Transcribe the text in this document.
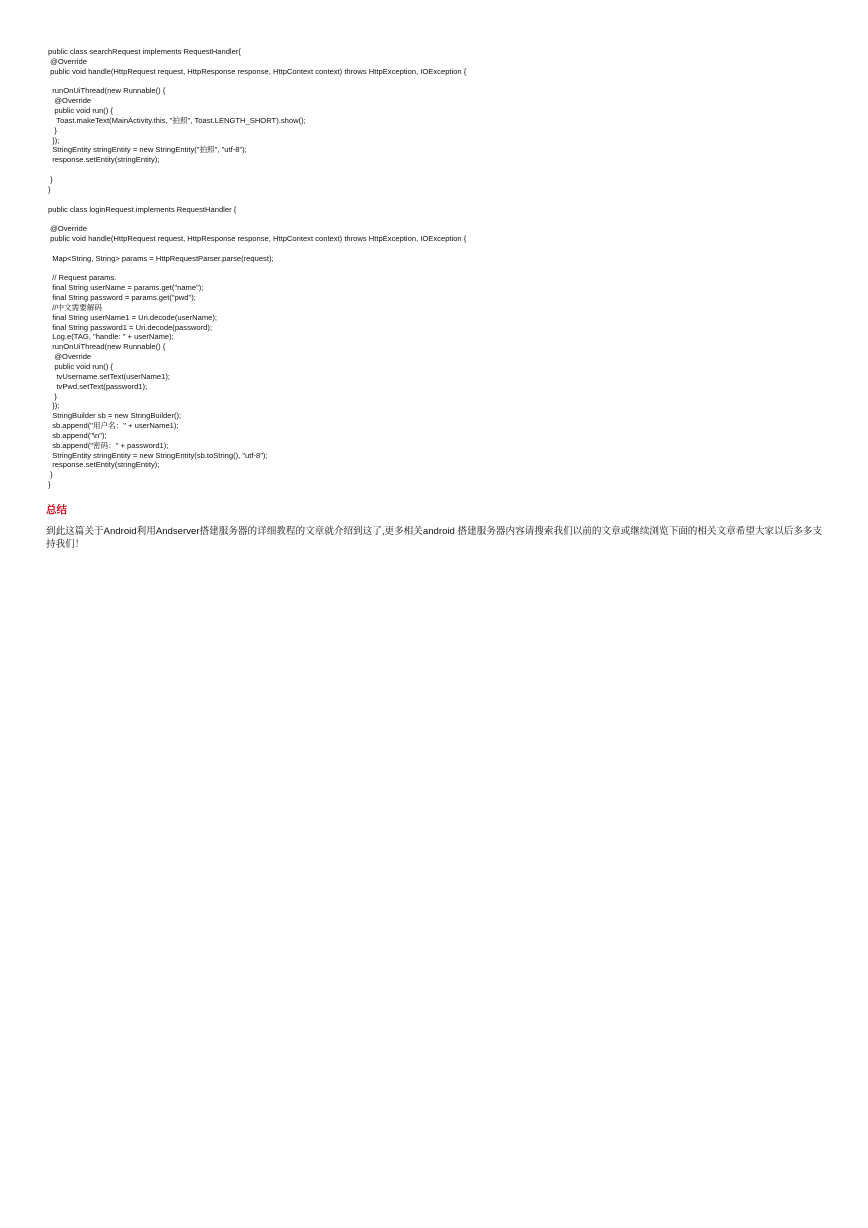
public class searchRequest implements RequestHandler{
@Override
public void handle(HttpRequest request, HttpResponse response, HttpContext context) throws HttpException, IOException {
runOnUiThread(new Runnable() {
@Override
public void run() {
Toast.makeText(MainActivity.this, "拍照", Toast.LENGTH_SHORT).show();
}
});
StringEntity stringEntity = new StringEntity("拍照", "utf-8");
response.setEntity(stringEntity);
}
}
public class loginRequest implements RequestHandler {
@Override
public void handle(HttpRequest request, HttpResponse response, HttpContext context) throws HttpException, IOException {
Map<String, String> params = HttpRequestParser.parse(request);
// Request params.
final String userName = params.get("name");
final String password = params.get("pwd");
//中文需要解码
final String userName1 = Uri.decode(userName);
final String password1 = Uri.decode(password);
Log.e(TAG, "handle: " + userName);
runOnUiThread(new Runnable() {
@Override
public void run() {
tvUsername.setText(userName1);
tvPwd.setText(password1);
}
});
StringBuilder sb = new StringBuilder();
sb.append("用户名：" + userName1);
sb.append("\n");
sb.append("密码：" + password1);
StringEntity stringEntity = new StringEntity(sb.toString(), "utf-8");
response.setEntity(stringEntity);
}
}
总结
到此这篇关于Android利用Andserver搭建服务器的详细教程的文章就介绍到这了,更多相关android 搭建服务器内容请搜索我们以前的文章或继续浏览下面的相关文章希望大家以后多多支持我们！
